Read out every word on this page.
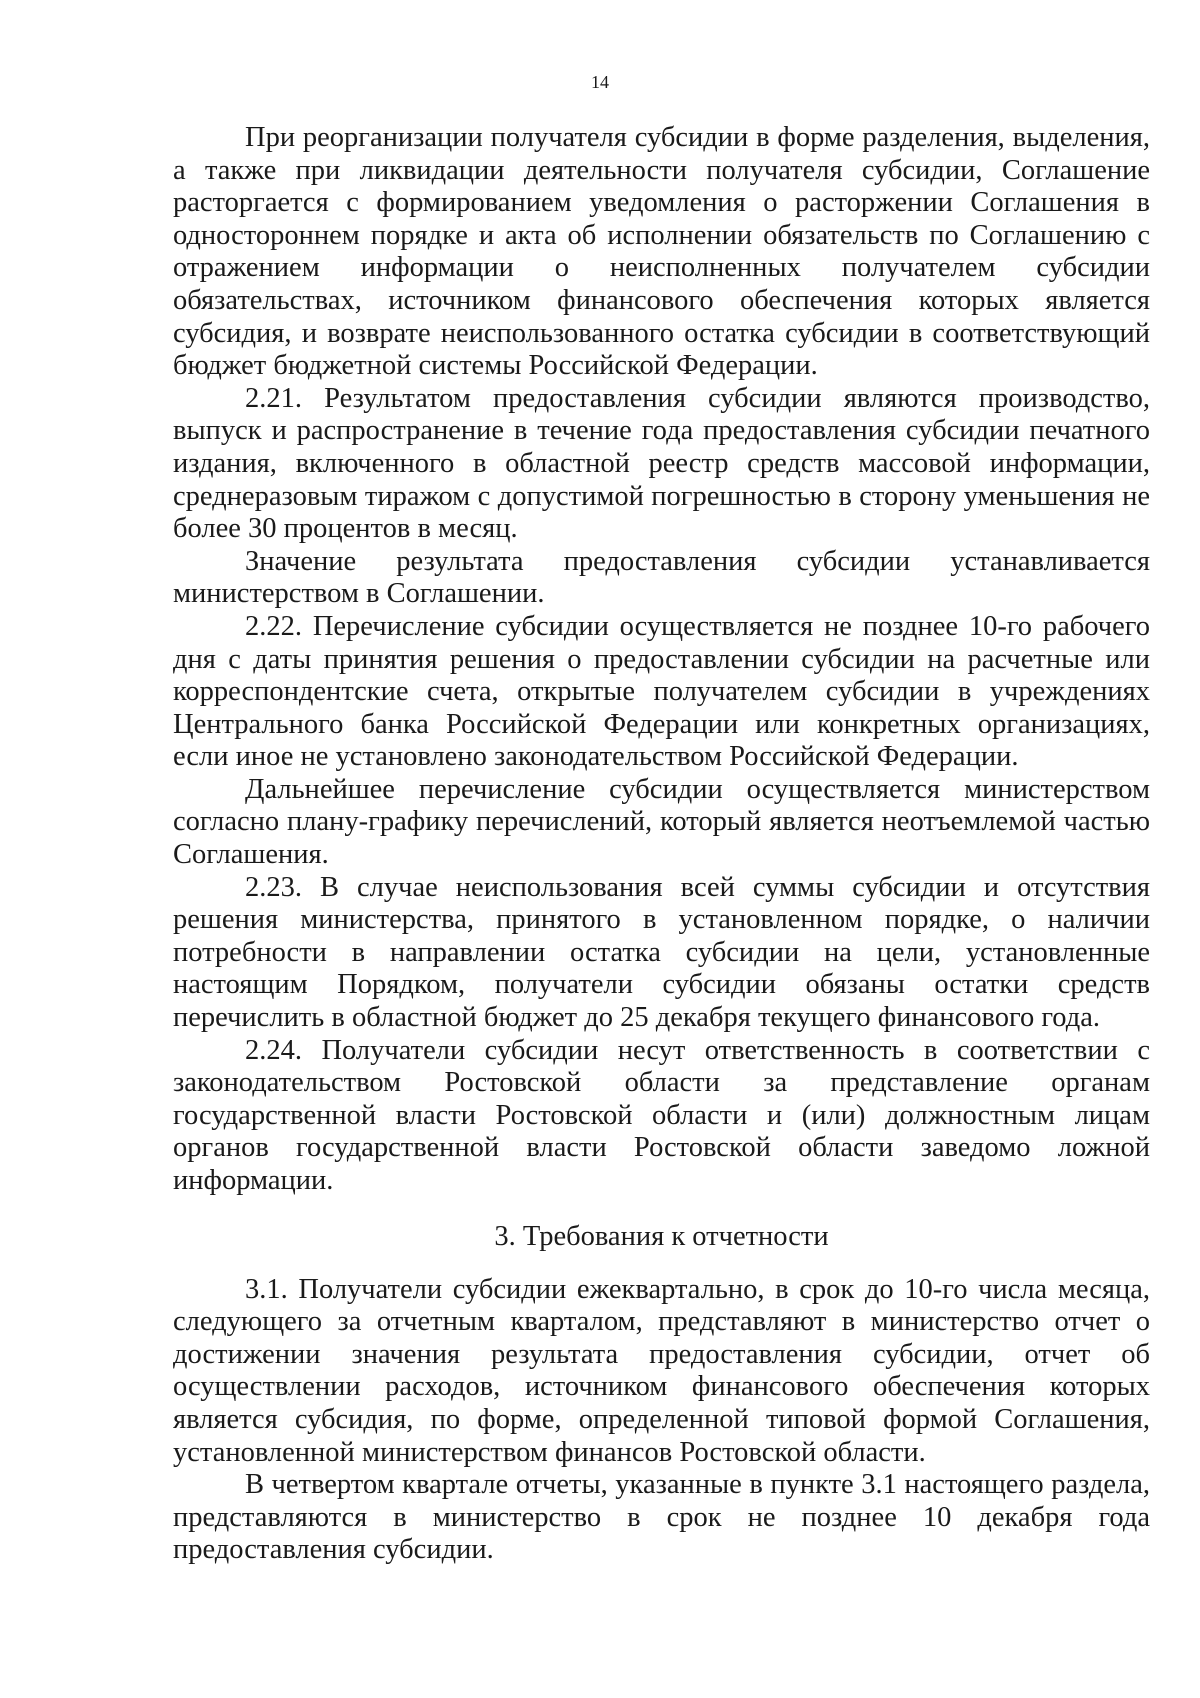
14

При реорганизации получателя субсидии в форме разделения, выделения, а также при ликвидации деятельности получателя субсидии, Соглашение расторгается с формированием уведомления о расторжении Соглашения в одностороннем порядке и акта об исполнении обязательств по Соглашению с отражением информации о неисполненных получателем субсидии обязательствах, источником финансового обеспечения которых является субсидия, и возврате неиспользованного остатка субсидии в соответствующий бюджет бюджетной системы Российской Федерации.

2.21. Результатом предоставления субсидии являются производство, выпуск и распространение в течение года предоставления субсидии печатного издания, включенного в областной реестр средств массовой информации, среднеразовым тиражом с допустимой погрешностью в сторону уменьшения не более 30 процентов в месяц.

Значение результата предоставления субсидии устанавливается министерством в Соглашении.

2.22. Перечисление субсидии осуществляется не позднее 10-го рабочего дня с даты принятия решения о предоставлении субсидии на расчетные или корреспондентские счета, открытые получателем субсидии в учреждениях Центрального банка Российской Федерации или конкретных организациях, если иное не установлено законодательством Российской Федерации.

Дальнейшее перечисление субсидии осуществляется министерством согласно плану-графику перечислений, который является неотъемлемой частью Соглашения.

2.23. В случае неиспользования всей суммы субсидии и отсутствия решения министерства, принятого в установленном порядке, о наличии потребности в направлении остатка субсидии на цели, установленные настоящим Порядком, получатели субсидии обязаны остатки средств перечислить в областной бюджет до 25 декабря текущего финансового года.

2.24. Получатели субсидии несут ответственность в соответствии с законодательством Ростовской области за представление органам государственной власти Ростовской области и (или) должностным лицам органов государственной власти Ростовской области заведомо ложной информации.

3. Требования к отчетности

3.1. Получатели субсидии ежеквартально, в срок до 10-го числа месяца, следующего за отчетным кварталом, представляют в министерство отчет о достижении значения результата предоставления субсидии, отчет об осуществлении расходов, источником финансового обеспечения которых является субсидия, по форме, определенной типовой формой Соглашения, установленной министерством финансов Ростовской области.

В четвертом квартале отчеты, указанные в пункте 3.1 настоящего раздела, представляются в министерство в срок не позднее 10 декабря года предоставления субсидии.
